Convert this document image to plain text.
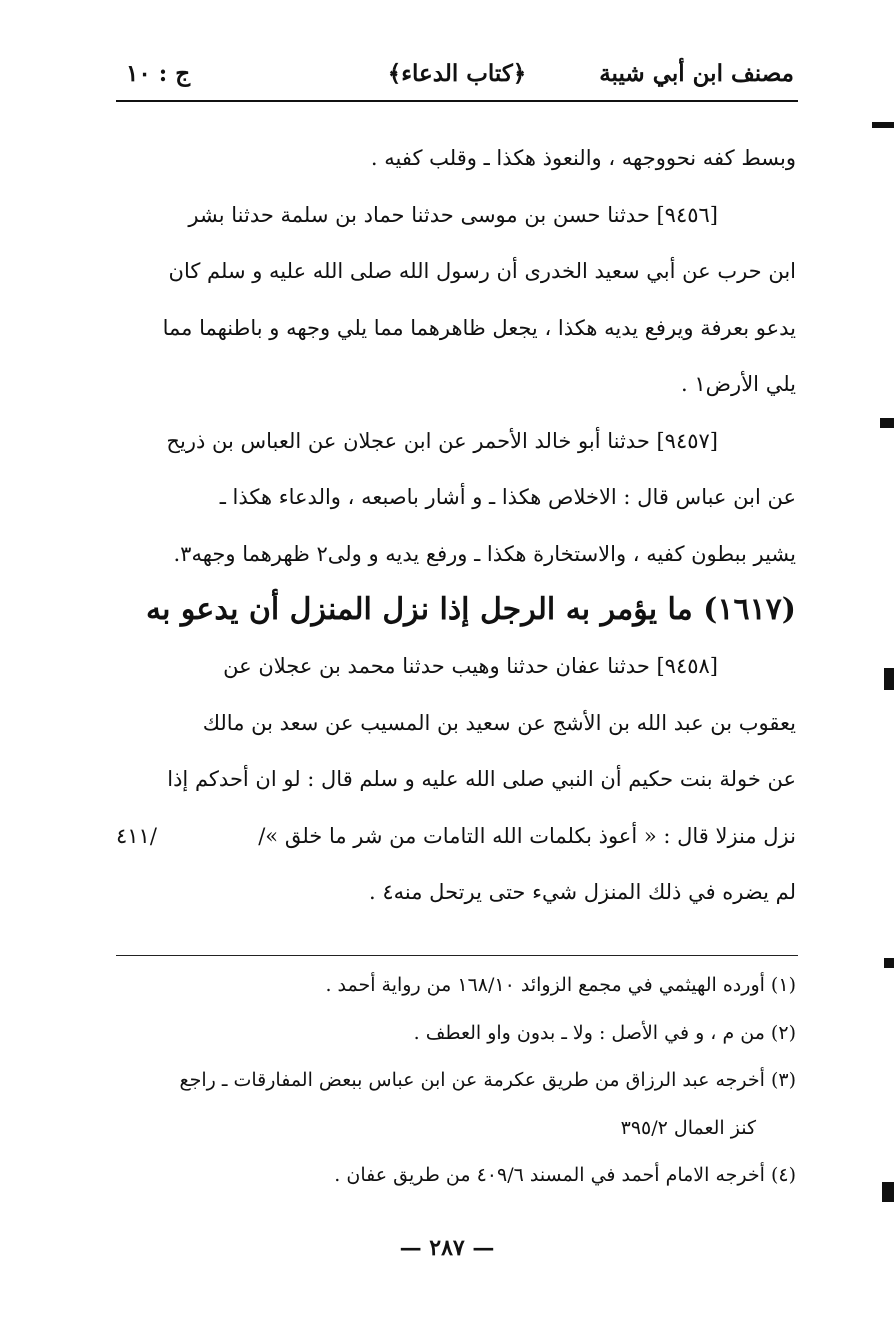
مصنف ابن أبي شيبة
﴿كتاب الدعاء﴾
ج : ١٠
وبسط كفه نحووجهه ، والنعوذ هكذا ـ وقلب كفيه .
[٩٤٥٦] حدثنا حسن بن موسى حدثنا حماد بن سلمة حدثنا بشر
ابن حرب عن أبي سعيد الخدرى أن رسول الله صلى الله عليه و سلم كان
يدعو بعرفة ويرفع يديه هكذا ، يجعل ظاهرهما مما يلي وجهه و باطنهما مما
يلي الأرض١ .
[٩٤٥٧] حدثنا أبو خالد الأحمر عن ابن عجلان عن العباس بن ذريح
عن ابن عباس قال : الاخلاص هكذا ـ و أشار باصبعه ، والدعاء هكذا ـ
يشير ببطون كفيه ، والاستخارة هكذا ـ ورفع يديه و ولى٢ ظهرهما وجهه٣.
(١٦١٧) ما يؤمر به الرجل إذا نزل المنزل أن يدعو به
[٩٤٥٨] حدثنا عفان حدثنا وهيب حدثنا محمد بن عجلان عن
يعقوب بن عبد الله بن الأشج عن سعيد بن المسيب عن سعد بن مالك
عن خولة بنت حكيم أن النبي صلى الله عليه و سلم قال : لو ان أحدكم إذا
نزل منزلا قال : « أعوذ بكلمات الله التامات من شر ما خلق »/
٤١١/
لم يضره في ذلك المنزل شيء حتى يرتحل منه٤ .
(١) أورده الهيثمي في مجمع الزوائد ١٦٨/١٠ من رواية أحمد .
(٢) من م ، و في الأصل : ولا ـ بدون واو العطف .
(٣) أخرجه عبد الرزاق من طريق عكرمة عن ابن عباس ببعض المفارقات ـ راجع
كنز العمال ٣٩٥/٢
(٤) أخرجه الامام أحمد في المسند ٤٠٩/٦ من طريق عفان .
— ٢٨٧ —
